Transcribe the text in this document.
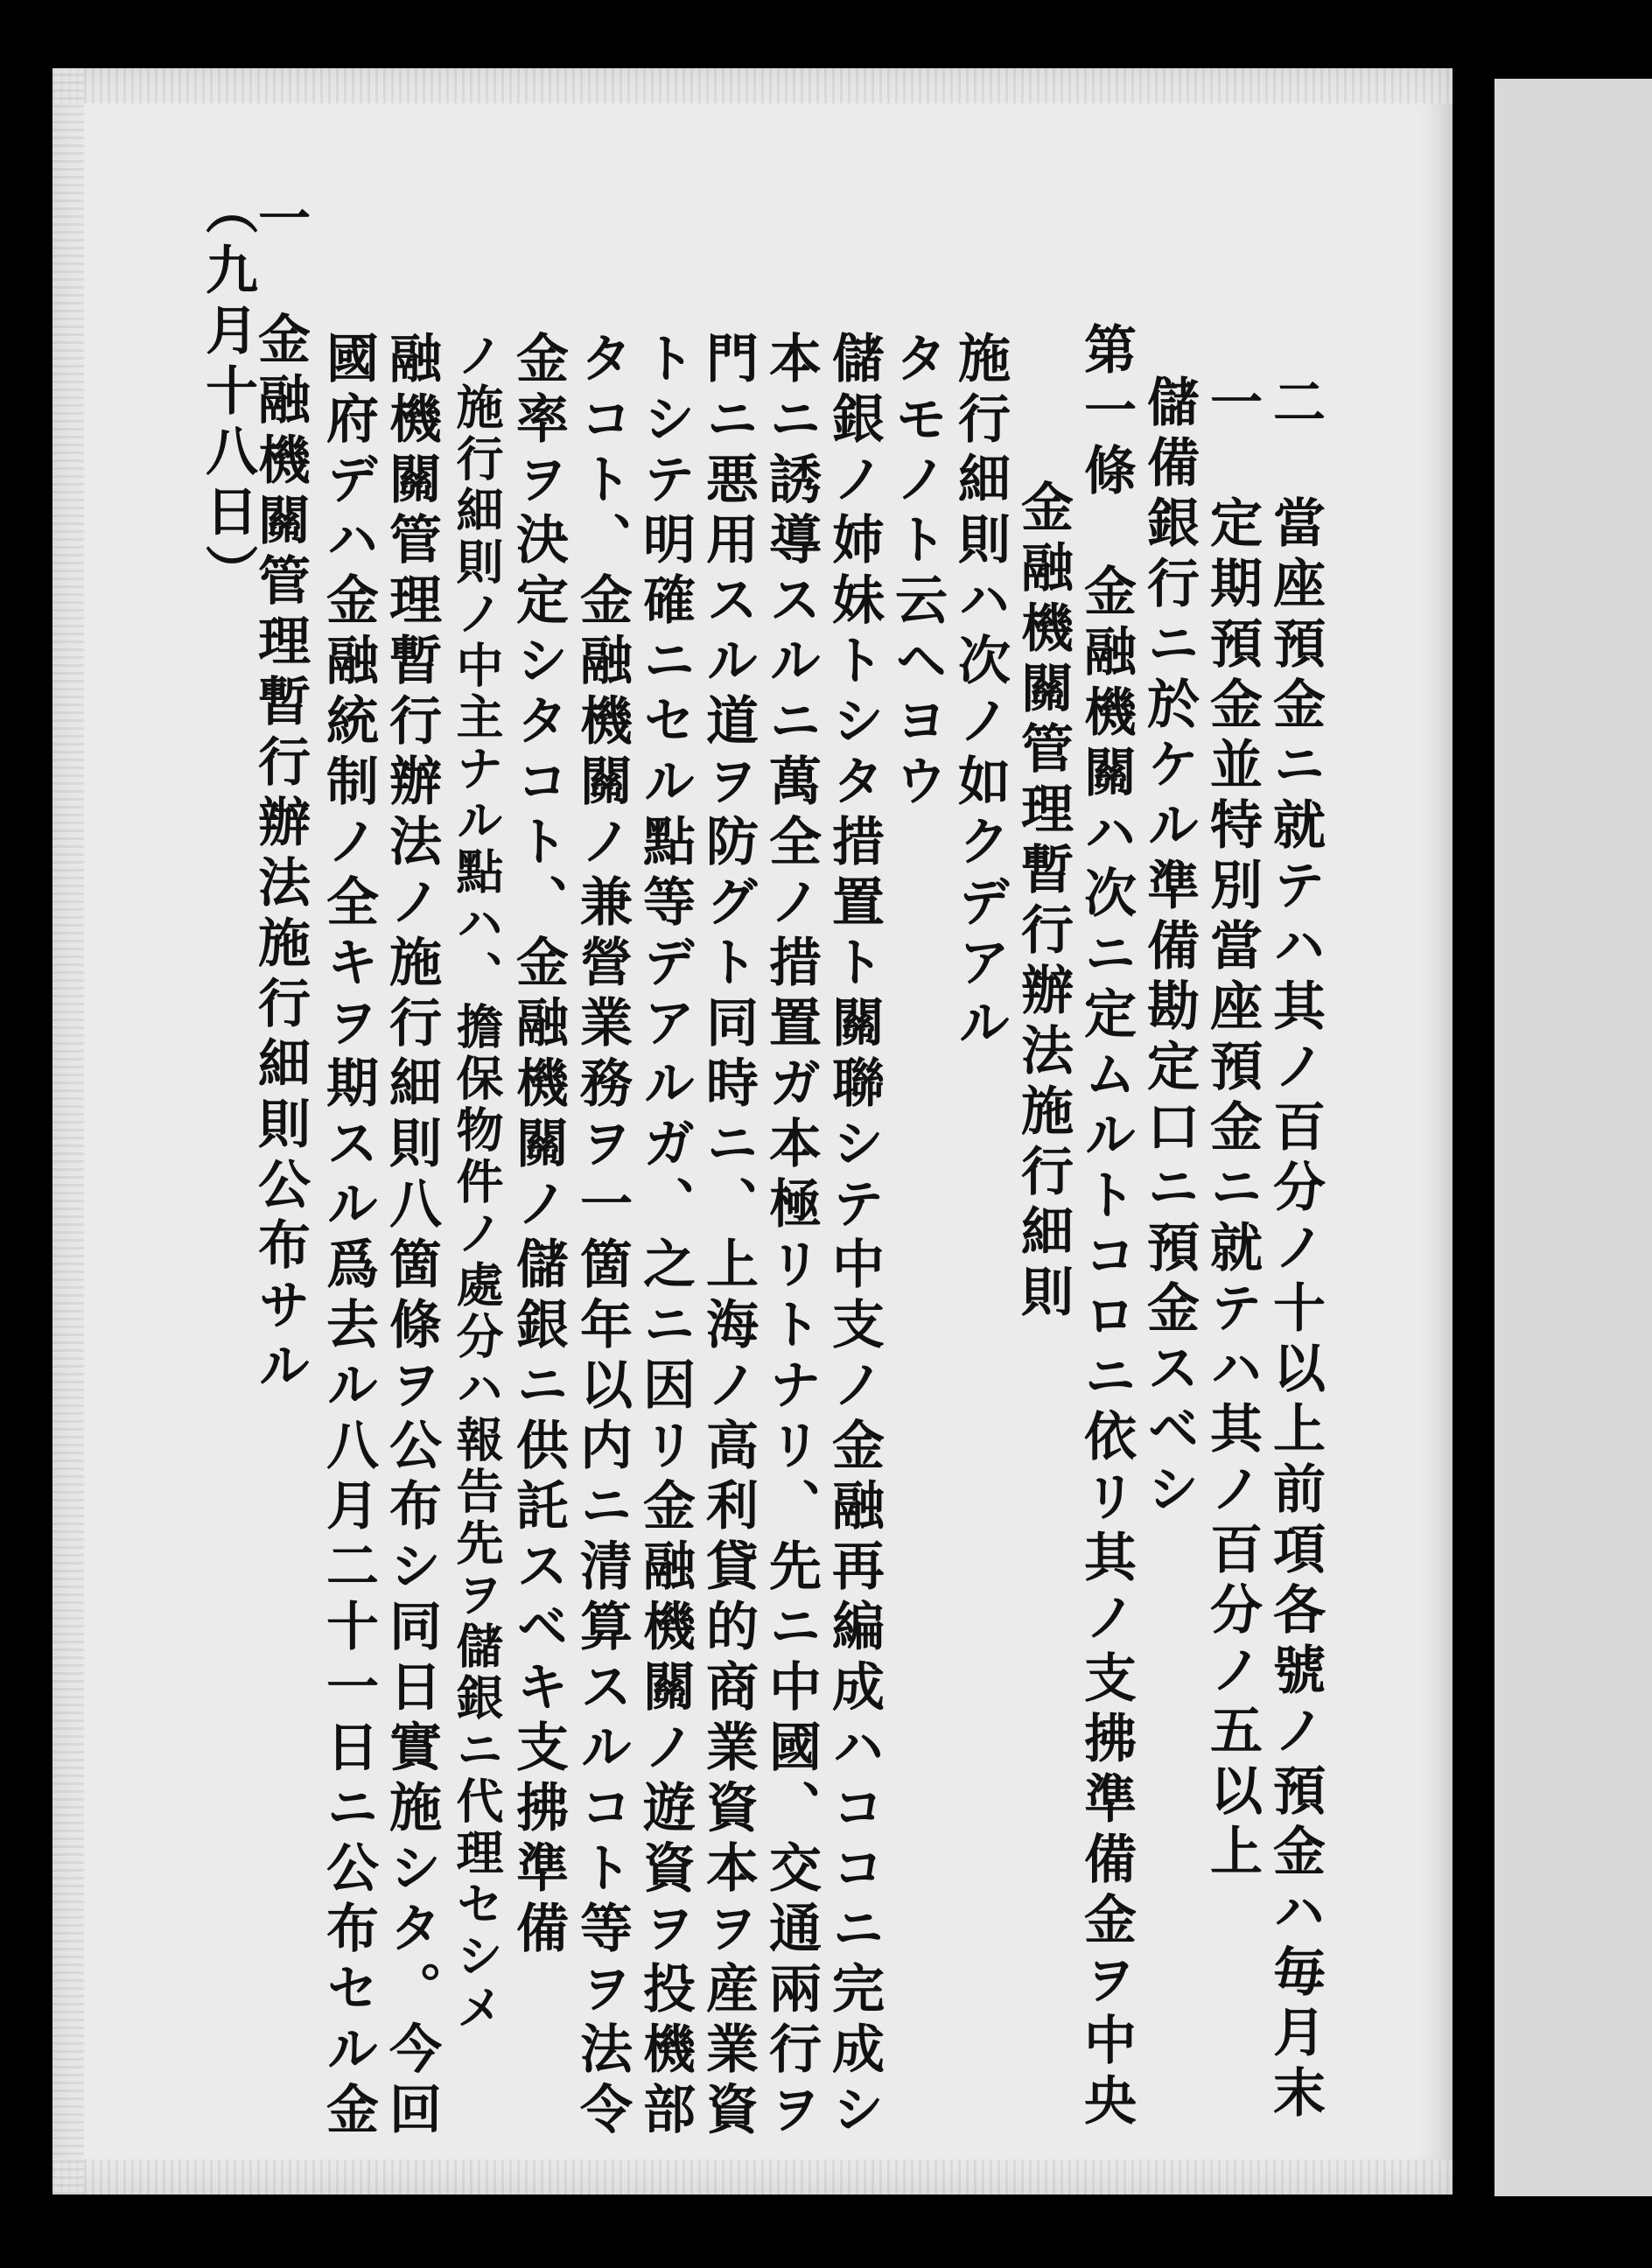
（九月十八日）
一　金融機關管理暫行辦法施行細則公布サル 國府デハ金融統制ノ全キヲ期スル爲去ル八月二十一日ニ公布セル金 融機關管理暫行辦法ノ施行細則八箇條ヲ公布シ同日實施シタ。今回 ノ施行細則ノ中主ナル點ハ、擔保物件ノ處分ハ報告先ヲ儲銀ニ代理セシメ 金率ヲ決定シタコト、金融機關ノ儲銀ニ供託スベキ支拂準備 タコト、金融機關ノ兼營業務ヲ一箇年以内ニ清算スルコト等ヲ法令 トシテ明確ニセル點等デアルガ、之ニ因リ金融機關ノ遊資ヲ投機部 門ニ悪用スル道ヲ防グト同時ニ、上海ノ高利貸的商業資本ヲ産業資 本ニ誘導スルニ萬全ノ措置ガ本極リトナリ、先ニ中國、交通兩行ヲ 儲銀ノ姉妹トシタ措置ト關聯シテ中支ノ金融再編成ハココニ完成シ タモノト云ヘヨウ 施行細則ハ次ノ如クデアル 金融機關管理暫行辦法施行細則 第一條　金融機關ハ次ニ定ムルトコロニ依リ其ノ支拂準備金ヲ中央 儲備銀行ニ於ケル準備勘定口ニ預金スベシ 一　定期預金並特別當座預金ニ就テハ其ノ百分ノ五以上 二　當座預金ニ就テハ其ノ百分ノ十以上前項各號ノ預金ハ毎月末
